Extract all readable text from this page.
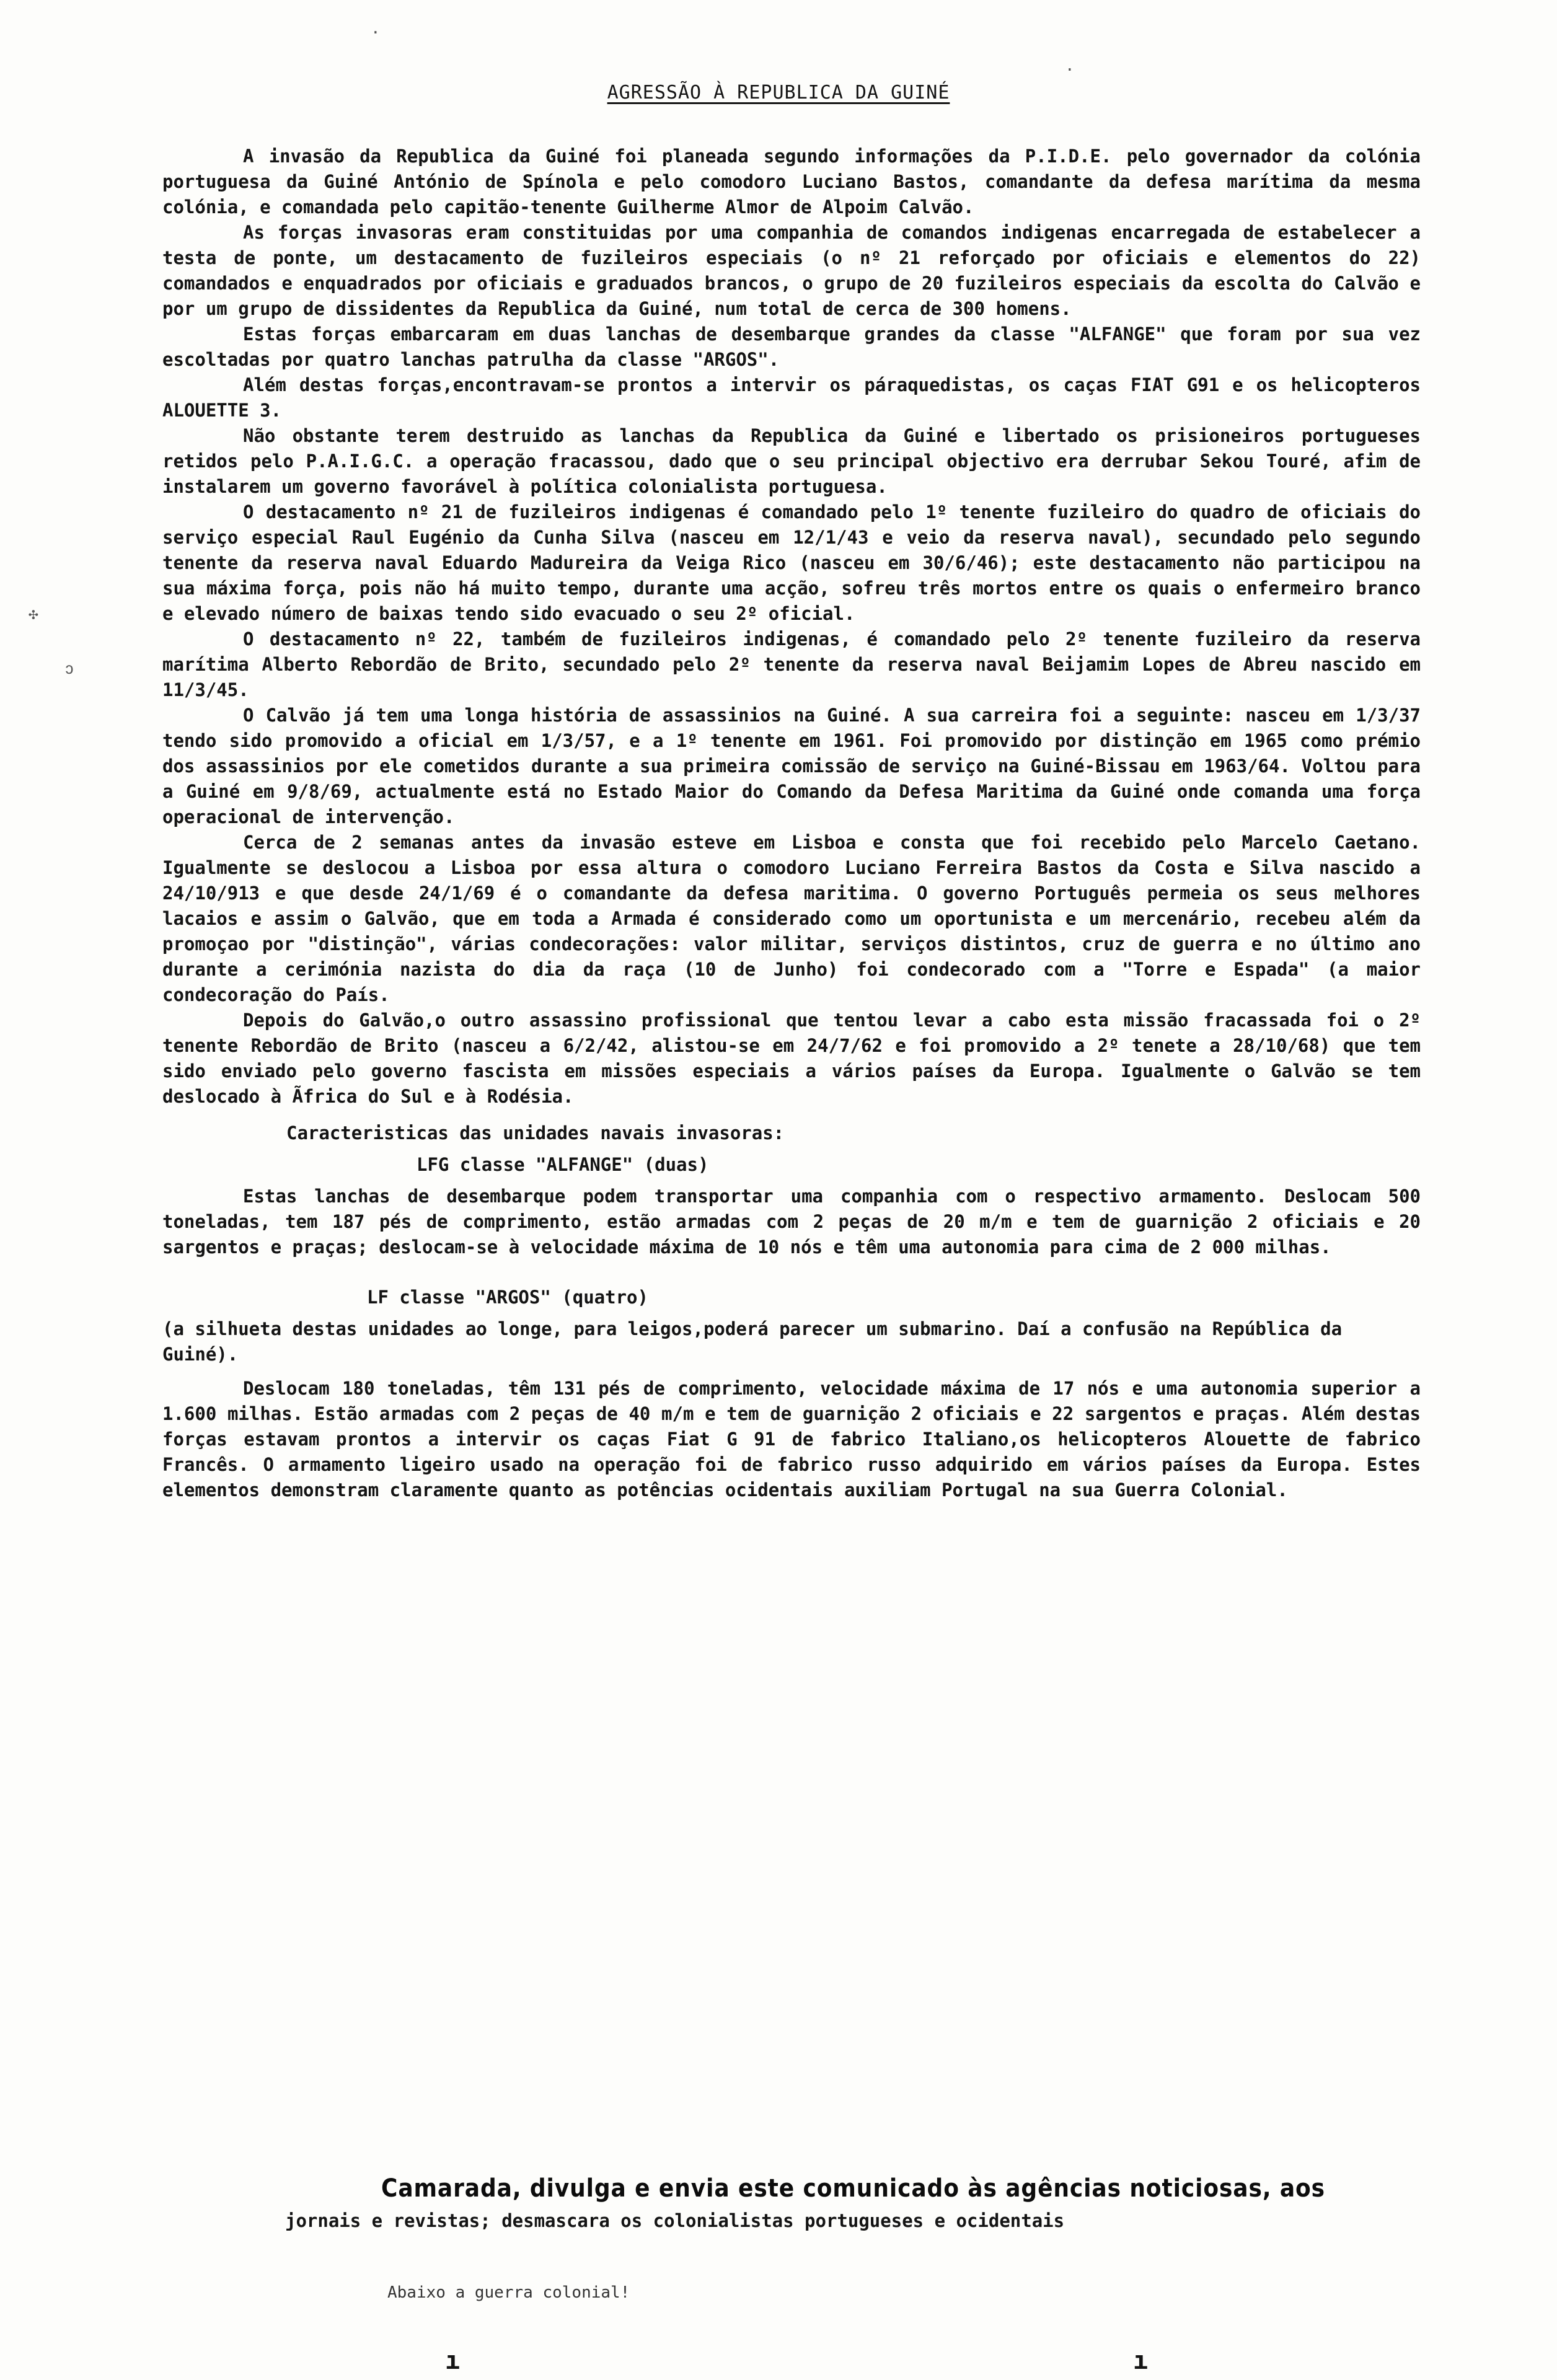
·
·
✣
ↄ
AGRESSÃO À REPUBLICA DA GUINÉ

A invasão da Republica da Guiné foi planeada segundo informações da P.I.D.E. pelo governador da colónia portuguesa da Guiné António de Spínola e pelo comodoro Luciano Bastos, comandante da defesa marítima da mesma colónia, e comandada pelo capitão-tenente Guilherme Almor de Alpoim Calvão.

As forças invasoras eram constituidas por uma companhia de comandos indigenas encarregada de estabelecer a testa de ponte, um destacamento de fuzileiros especiais (o nº 21 reforçado por oficiais e elementos do 22) comandados e enquadrados por oficiais e graduados brancos, o grupo de 20 fuzileiros especiais da escolta do Calvão e por um grupo de dissidentes da Republica da Guiné, num total de cerca de 300 homens.

Estas forças embarcaram em duas lanchas de desembarque grandes da classe "ALFANGE" que foram por sua vez escoltadas por quatro lanchas patrulha da classe "ARGOS".

Além destas forças,encontravam-se prontos a intervir os páraquedistas, os caças FIAT G91 e os helicopteros ALOUETTE 3.

Não obstante terem destruido as lanchas da Republica da Guiné e libertado os prisioneiros portugueses retidos pelo P.A.I.G.C. a operação fracassou, dado que o seu principal objectivo era derrubar Sekou Touré, afim de instalarem um governo favorável à política colonialista portuguesa.

O destacamento nº 21 de fuzileiros indigenas é comandado pelo 1º tenente fuzileiro do quadro de oficiais do serviço especial Raul Eugénio da Cunha Silva (nasceu em 12/1/43 e veio da reserva naval), secundado pelo segundo tenente da reserva naval Eduardo Madureira da Veiga Rico (nasceu em 30/6/46); este destacamento não participou na sua máxima força, pois não há muito tempo, durante uma acção, sofreu três mortos entre os quais o enfermeiro branco e elevado número de baixas tendo sido evacuado o seu 2º oficial.

O destacamento nº 22, também de fuzileiros indigenas, é comandado pelo 2º tenente fuzileiro da reserva marítima Alberto Rebordão de Brito, secundado pelo 2º tenente da reserva naval Beijamim Lopes de Abreu nascido em 11/3/45.

O Calvão já tem uma longa história de assassinios na Guiné. A sua carreira foi a seguinte: nasceu em 1/3/37 tendo sido promovido a oficial em 1/3/57, e a 1º tenente em 1961. Foi promovido por distinção em 1965 como prémio dos assassinios por ele cometidos durante a sua primeira comissão de serviço na Guiné-Bissau em 1963/64. Voltou para a Guiné em 9/8/69, actualmente está no Estado Maior do Comando da Defesa Maritima da Guiné onde comanda uma força operacional de intervenção.

Cerca de 2 semanas antes da invasão esteve em Lisboa e consta que foi recebido pelo Marcelo Caetano. Igualmente se deslocou a Lisboa por essa altura o comodoro Luciano Ferreira Bastos da Costa e Silva nascido a 24/10/913 e que desde 24/1/69 é o comandante da defesa maritima. O governo Português permeia os seus melhores lacaios e assim o Galvão, que em toda a Armada é considerado como um oportunista e um mercenário, recebeu além da promoçao por "distinção", várias condecorações: valor militar, serviços distintos, cruz de guerra e no último ano durante a cerimónia nazista do dia da raça (10 de Junho) foi condecorado com a "Torre e Espada" (a maior condecoração do País.

Depois do Galvão,o outro assassino profissional que tentou levar a cabo esta missão fracassada foi o 2º tenente Rebordão de Brito (nasceu a 6/2/42, alistou-se em 24/7/62 e foi promovido a 2º tenete a 28/10/68) que tem sido enviado pelo governo fascista em missões especiais a vários países da Europa. Igualmente o Galvão se tem deslocado à Ãfrica do Sul e à Rodésia.

Caracteristicas das unidades navais invasoras:

LFG classe "ALFANGE" (duas)

Estas lanchas de desembarque podem transportar uma companhia com o respectivo armamento. Deslocam 500 toneladas, tem 187 pés de comprimento, estão armadas com 2 peças de 20 m/m e tem de guarnição 2 oficiais e 20 sargentos e praças; deslocam-se à velocidade máxima de 10 nós e têm uma autonomia para cima de 2 000 milhas.

LF classe "ARGOS" (quatro)

(a silhueta destas unidades ao longe, para leigos,poderá parecer um submarino. Daí a confusão na República da Guiné).

Deslocam 180 toneladas, têm 131 pés de comprimento, velocidade máxima de 17 nós e uma autonomia superior a 1.600 milhas. Estão armadas com 2 peças de 40 m/m e tem de guarnição 2 oficiais e 22 sargentos e praças. Além destas forças estavam prontos a intervir os caças Fiat G 91 de fabrico Italiano,os helicopteros Alouette de fabrico Francês. O armamento ligeiro usado na operação foi de fabrico russo adquirido em vários países da Europa. Estes elementos demonstram claramente quanto as potências ocidentais auxiliam Portugal na sua Guerra Colonial.

Camarada, divulga e envia este comunicado às agências noticiosas, aos
jornais e revistas; desmascara os colonialistas portugueses e ocidentais
Abaixo a guerra colonial!
ı	ı
